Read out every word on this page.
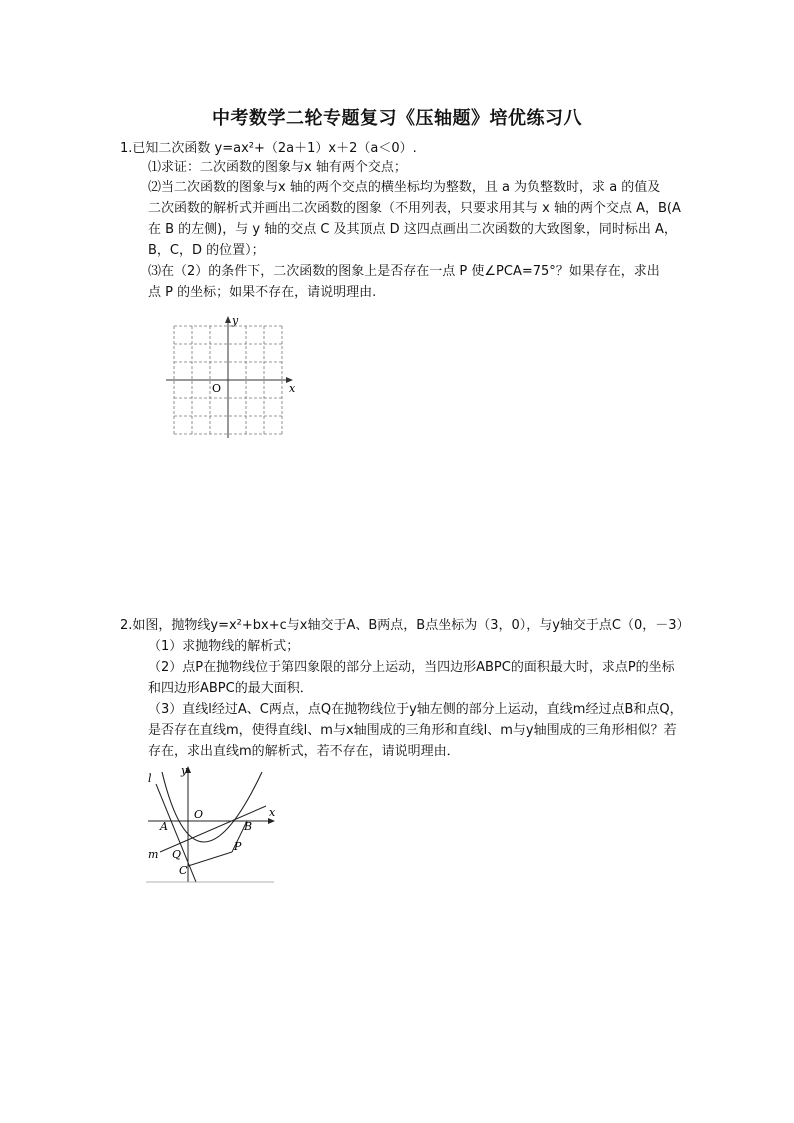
中考数学二轮专题复习《压轴题》培优练习八
1.已知二次函数 y=ax²+（2a＋1）x＋2（a＜0）.
⑴求证：二次函数的图象与x 轴有两个交点；
⑵当二次函数的图象与x 轴的两个交点的横坐标均为整数，且 a 为负整数时，求 a 的值及
二次函数的解析式并画出二次函数的图象（不用列表，只要求用其与 x 轴的两个交点 A，B(A
在 B 的左侧)，与 y 轴的交点 C 及其顶点 D 这四点画出二次函数的大致图象，同时标出 A，
B，C，D 的位置）；
⑶在（2）的条件下，二次函数的图象上是否存在一点 P 使∠PCA=75°？如果存在，求出
点 P 的坐标；如果不存在，请说明理由.
y
x
O
2.如图，抛物线y=x²+bx+c与x轴交于A、B两点，B点坐标为（3，0），与y轴交于点C（0，－3）
（1）求抛物线的解析式；
（2）点P在抛物线位于第四象限的部分上运动，当四边形ABPC的面积最大时，求点P的坐标
和四边形ABPC的最大面积．
（3）直线l经过A、C两点，点Q在抛物线位于y轴左侧的部分上运动，直线m经过点B和点Q，
是否存在直线m，使得直线l、m与x轴围成的三角形和直线l、m与y轴围成的三角形相似？若
存在，求出直线m的解析式，若不存在，请说明理由．
l
y
x
O
A	B
m Q
C
P
